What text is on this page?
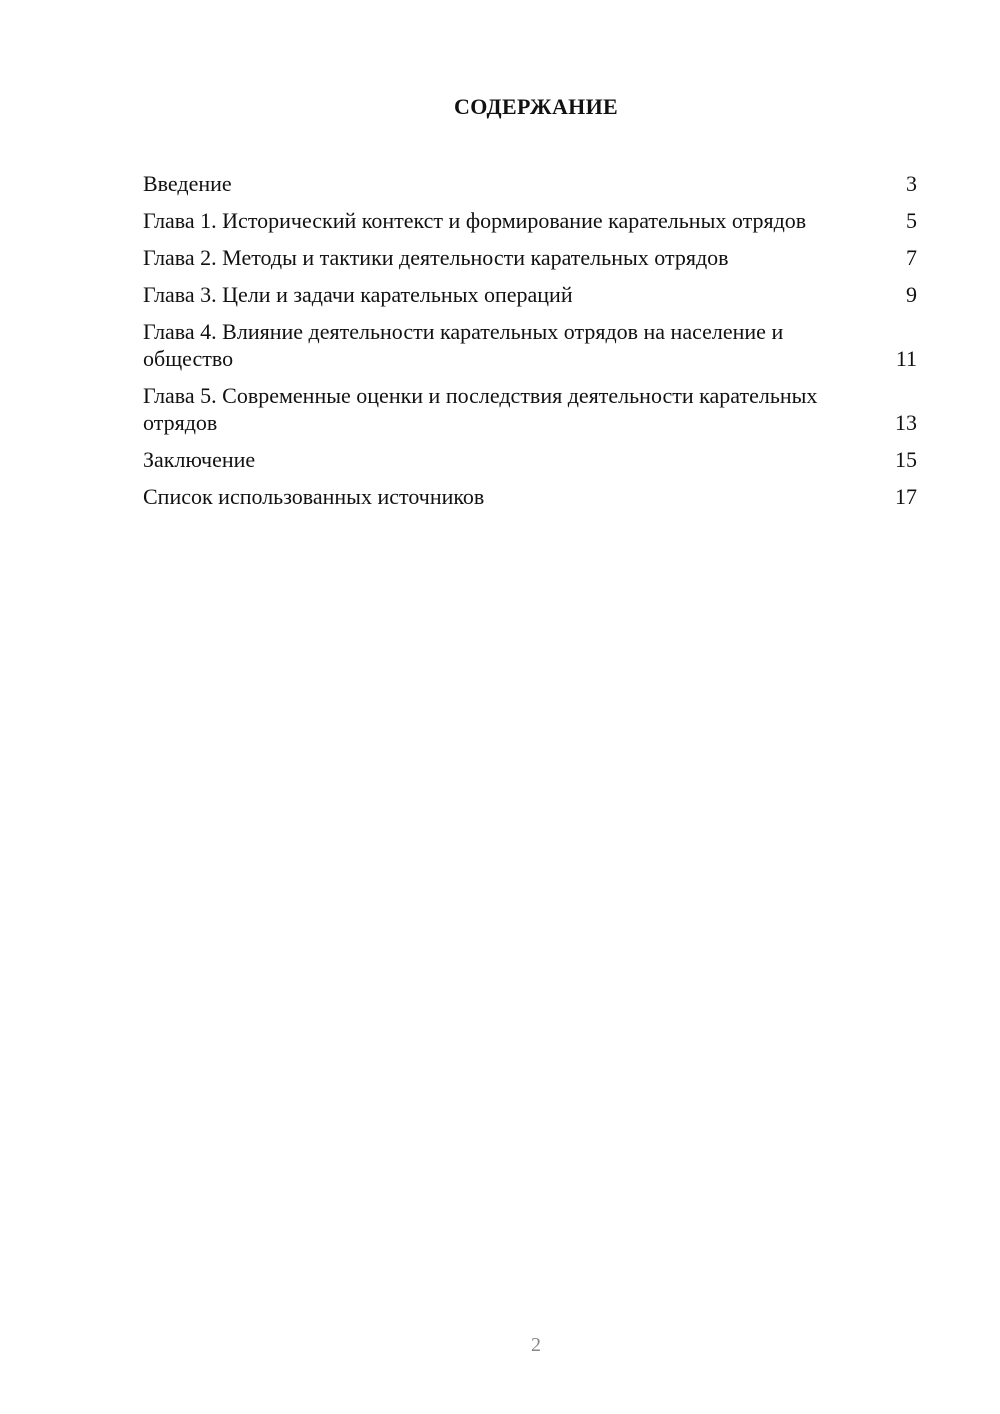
СОДЕРЖАНИЕ
Введение	3
Глава 1. Исторический контекст и формирование карательных отрядов	5
Глава 2. Методы и тактики деятельности карательных отрядов	7
Глава 3. Цели и задачи карательных операций	9
Глава 4. Влияние деятельности карательных отрядов на население и общество	11
Глава 5. Современные оценки и последствия деятельности карательных отрядов	13
Заключение	15
Список использованных источников	17
2
